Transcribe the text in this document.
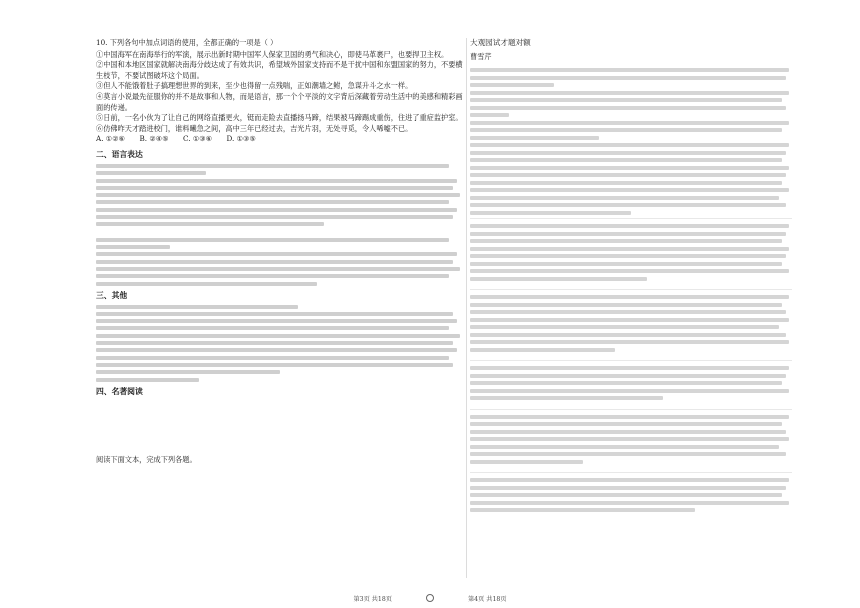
10. 下列各句中加点词语的使用，全都正确的一项是（ ）

①中国海军在南海举行的军演，展示出新时期中国军人保家卫国的勇气和决心，即使马革裹尸，也要捍卫主权。

②中国和本地区国家就解决南海分歧达成了有效共识，希望域外国家支持而不是干扰中国和东盟国家的努力，不要横生枝节，不要试图破坏这个局面。

③但人不能饿着肚子搞理想世界的到来，至少也得留一点残喘，正如潮墙之鲋，急谋升斗之水一样。

④莫言小说最先征服你的并不是故事和人物，而是语言，那一个个平淡的文字背后深藏着劳动生活中的美感和精彩画面的传递。

⑤日前，一名小伙为了让自己的网络直播更火，铤而走险去直播扬马蹄，结果被马蹄踢成重伤，住进了重症监护室。

⑥仿佛昨天才踏进校门，谁料曦急之间，高中三年已经过去，吉光片羽，无处寻觅，令人唏嘘不已。

A. ①②⑥　　B. ②④⑤　　C. ①③⑥　　D. ①③⑤

二、语言表达
三、其他
四、名著阅读

阅读下面文本，完成下列各题。

大观园试才题对额

曹雪芹

第3页 共18页	第4页 共18页
